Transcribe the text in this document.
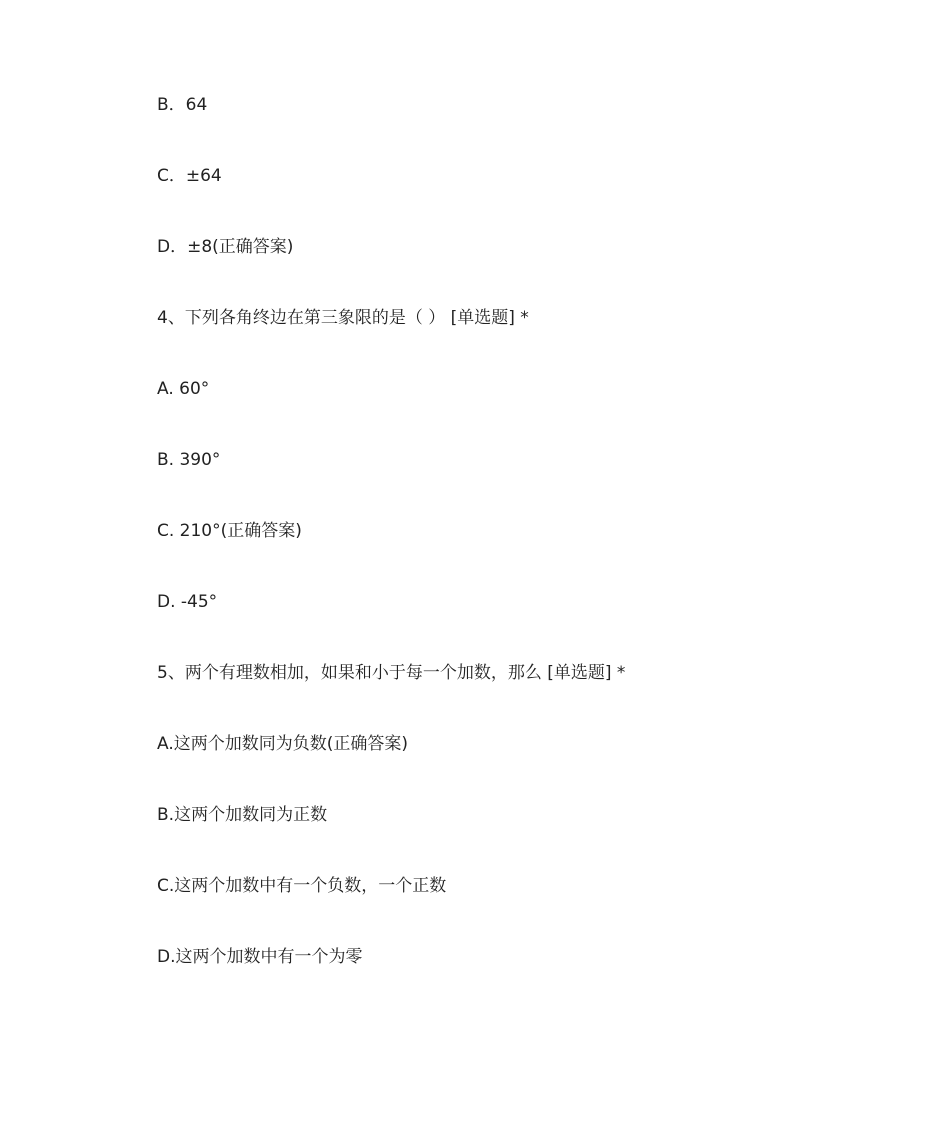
B．64

C．±64

D．±8(正确答案)

4、下列各角终边在第三象限的是（ ） [单选题] *

A. 60°

B. 390°

C. 210°(正确答案)

D. -45°

5、两个有理数相加，如果和小于每一个加数，那么 [单选题] *

A.这两个加数同为负数(正确答案)

B.这两个加数同为正数

C.这两个加数中有一个负数，一个正数

D.这两个加数中有一个为零
